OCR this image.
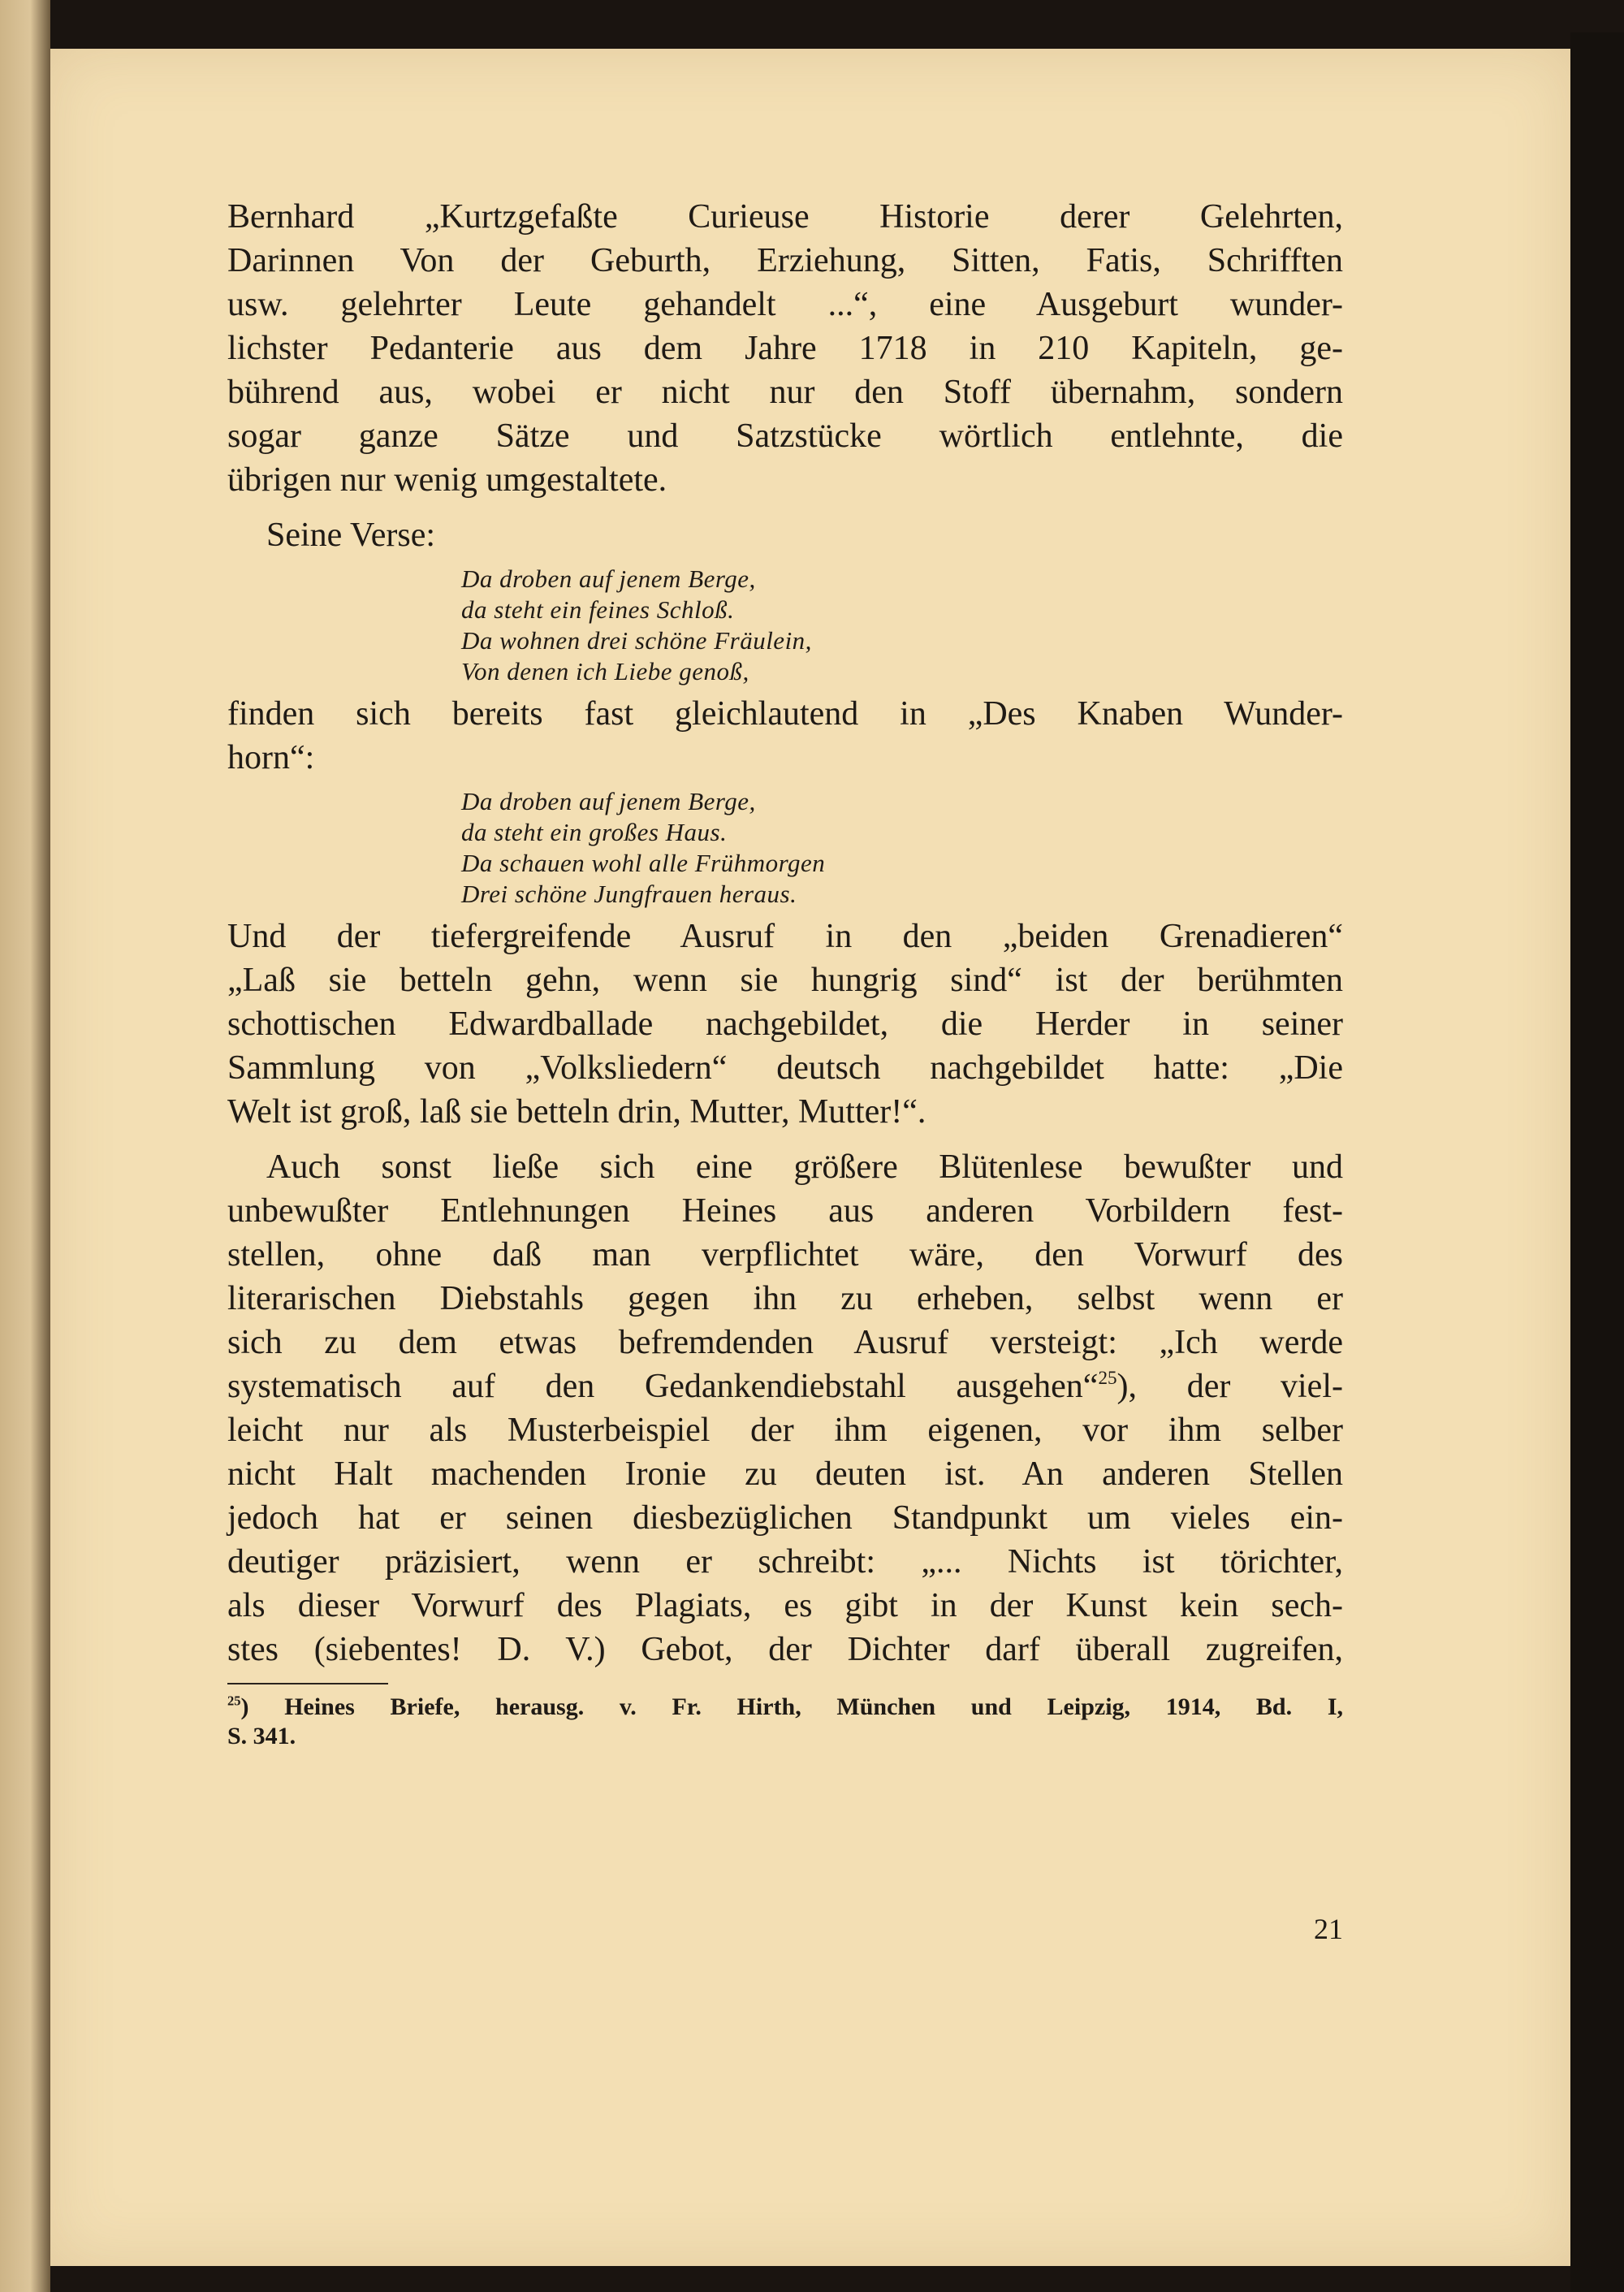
Bernhard „Kurtzgefaßte Curieuse Historie derer Gelehrten,

Darinnen Von der Geburth, Erziehung, Sitten, Fatis, Schrifften

usw. gelehrter Leute gehandelt ...“, eine Ausgeburt wunder-

lichster Pedanterie aus dem Jahre 1718 in 210 Kapiteln, ge-

bührend aus, wobei er nicht nur den Stoff übernahm, sondern

sogar ganze Sätze und Satzstücke wörtlich entlehnte, die

übrigen nur wenig umgestaltete.

Seine Verse:

Da droben auf jenem Berge,

da steht ein feines Schloß.

Da wohnen drei schöne Fräulein,

Von denen ich Liebe genoß,

finden sich bereits fast gleichlautend in „Des Knaben Wunder-

horn“:

Da droben auf jenem Berge,

da steht ein großes Haus.

Da schauen wohl alle Frühmorgen

Drei schöne Jungfrauen heraus.

Und der tiefergreifende Ausruf in den „beiden Grenadieren“

„Laß sie betteln gehn, wenn sie hungrig sind“ ist der berühmten

schottischen Edwardballade nachgebildet, die Herder in seiner

Sammlung von „Volksliedern“ deutsch nachgebildet hatte: „Die

Welt ist groß, laß sie betteln drin, Mutter, Mutter!“.

Auch sonst ließe sich eine größere Blütenlese bewußter und

unbewußter Entlehnungen Heines aus anderen Vorbildern fest-

stellen, ohne daß man verpflichtet wäre, den Vorwurf des

literarischen Diebstahls gegen ihn zu erheben, selbst wenn er

sich zu dem etwas befremdenden Ausruf versteigt: „Ich werde

systematisch auf den Gedankendiebstahl ausgehen“$^{25}$), der viel-

leicht nur als Musterbeispiel der ihm eigenen, vor ihm selber

nicht Halt machenden Ironie zu deuten ist. An anderen Stellen

jedoch hat er seinen diesbezüglichen Standpunkt um vieles ein-

deutiger präzisiert, wenn er schreibt: „... Nichts ist törichter,

als dieser Vorwurf des Plagiats, es gibt in der Kunst kein sech-

stes (siebentes! D. V.) Gebot, der Dichter darf überall zugreifen,

$^{25}$) Heines Briefe, herausg. v. Fr. Hirth, München und Leipzig, 1914, Bd. I,

S. 341.

21
